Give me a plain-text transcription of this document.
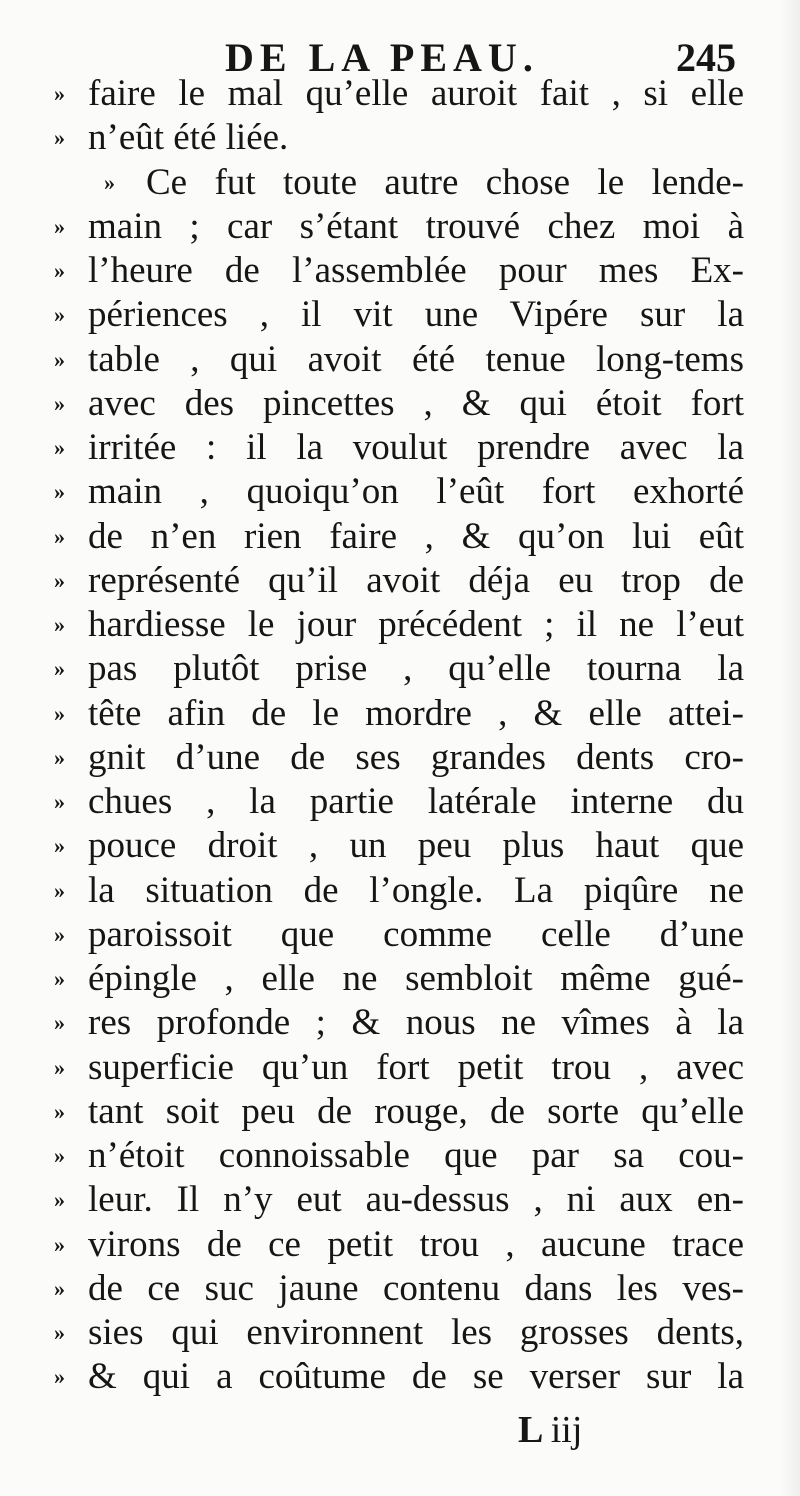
DE LA PEAU.	245
» faire le mal qu’elle auroit fait , si elle
» n’eût été liée.
» Ce fut toute autre chose le lende-
» main ; car s’étant trouvé chez moi à
» l’heure de l’assemblée pour mes Ex-
» périences , il vit une Vipére sur la
» table , qui avoit été tenue long-tems
» avec des pincettes , & qui étoit fort
» irritée : il la voulut prendre avec la
» main , quoiqu’on l’eût fort exhorté
» de n’en rien faire , & qu’on lui eût
» représenté qu’il avoit déja eu trop de
» hardiesse le jour précédent ; il ne l’eut
» pas plutôt prise , qu’elle tourna la
» tête afin de le mordre , & elle attei-
» gnit d’une de ses grandes dents cro-
» chues , la partie latérale interne du
» pouce droit , un peu plus haut que
» la situation de l’ongle. La piqûre ne
» paroissoit que comme celle d’une
» épingle , elle ne sembloit même gué-
» res profonde ; & nous ne vîmes à la
» superficie qu’un fort petit trou , avec
» tant soit peu de rouge, de sorte qu’elle
» n’étoit connoissable que par sa cou-
» leur. Il n’y eut au-dessus , ni aux en-
» virons de ce petit trou , aucune trace
» de ce suc jaune contenu dans les ves-
» sies qui environnent les grosses dents,
» & qui a coûtume de se verser sur la
L iij
